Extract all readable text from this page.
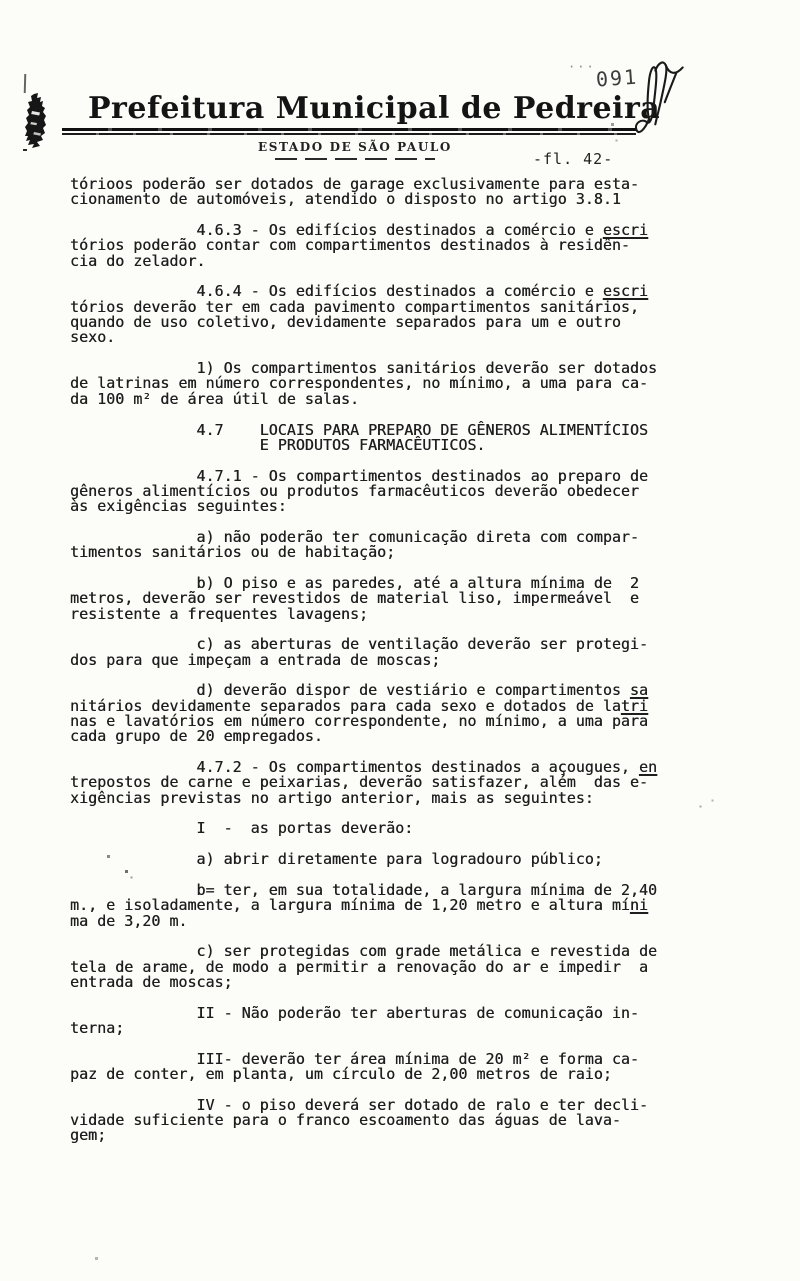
Prefeitura Municipal de Pedreira
ESTADO DE SÃO PAULO
-fl. 42-
091
···
tórioos poderão ser dotados de garage exclusivamente para esta-
cionamento de automóveis, atendido o disposto no artigo 3.8.1
4.6.3 - Os edifícios destinados a comércio e escri
tórios poderão contar com compartimentos destinados à residên-
cia do zelador.
4.6.4 - Os edifícios destinados a comércio e escri
tórios deverão ter em cada pavimento compartimentos sanitários,
quando de uso coletivo, devidamente separados para um e outro
sexo.
1) Os compartimentos sanitários deverão ser dotados
de latrinas em número correspondentes, no mínimo, a uma para ca-
da 100 m² de área útil de salas.
4.7    LOCAIS PARA PREPARO DE GÊNEROS ALIMENTÍCIOS
E PRODUTOS FARMACÊUTICOS.
4.7.1 - Os compartimentos destinados ao preparo de
gêneros alimentícios ou produtos farmacêuticos deverão obedecer
às exigências seguintes:
a) não poderão ter comunicação direta com compar-
timentos sanitários ou de habitação;
b) O piso e as paredes, até a altura mínima de  2
metros, deverão ser revestidos de material liso, impermeável  e
resistente a frequentes lavagens;
c) as aberturas de ventilação deverão ser protegi-
dos para que impeçam a entrada de moscas;
d) deverão dispor de vestiário e compartimentos sa
nitários devidamente separados para cada sexo e dotados de latri
nas e lavatórios em número correspondente, no mínimo, a uma para
cada grupo de 20 empregados.
4.7.2 - Os compartimentos destinados a açougues, en
trepostos de carne e peixarias, deverão satisfazer, além  das e-
xigências previstas no artigo anterior, mais as seguintes:
I  -  as portas deverão:
a) abrir diretamente para logradouro público;
b= ter, em sua totalidade, a largura mínima de 2,40
m., e isoladamente, a largura mínima de 1,20 metro e altura míni
ma de 3,20 m.
c) ser protegidas com grade metálica e revestida de
tela de arame, de modo a permitir a renovação do ar e impedir  a
entrada de moscas;
II - Não poderão ter aberturas de comunicação in-
terna;
III- deverão ter área mínima de 20 m² e forma ca-
paz de conter, em planta, um círculo de 2,00 metros de raio;
IV - o piso deverá ser dotado de ralo e ter decli-
vidade suficiente para o franco escoamento das águas de lava-
gem;
